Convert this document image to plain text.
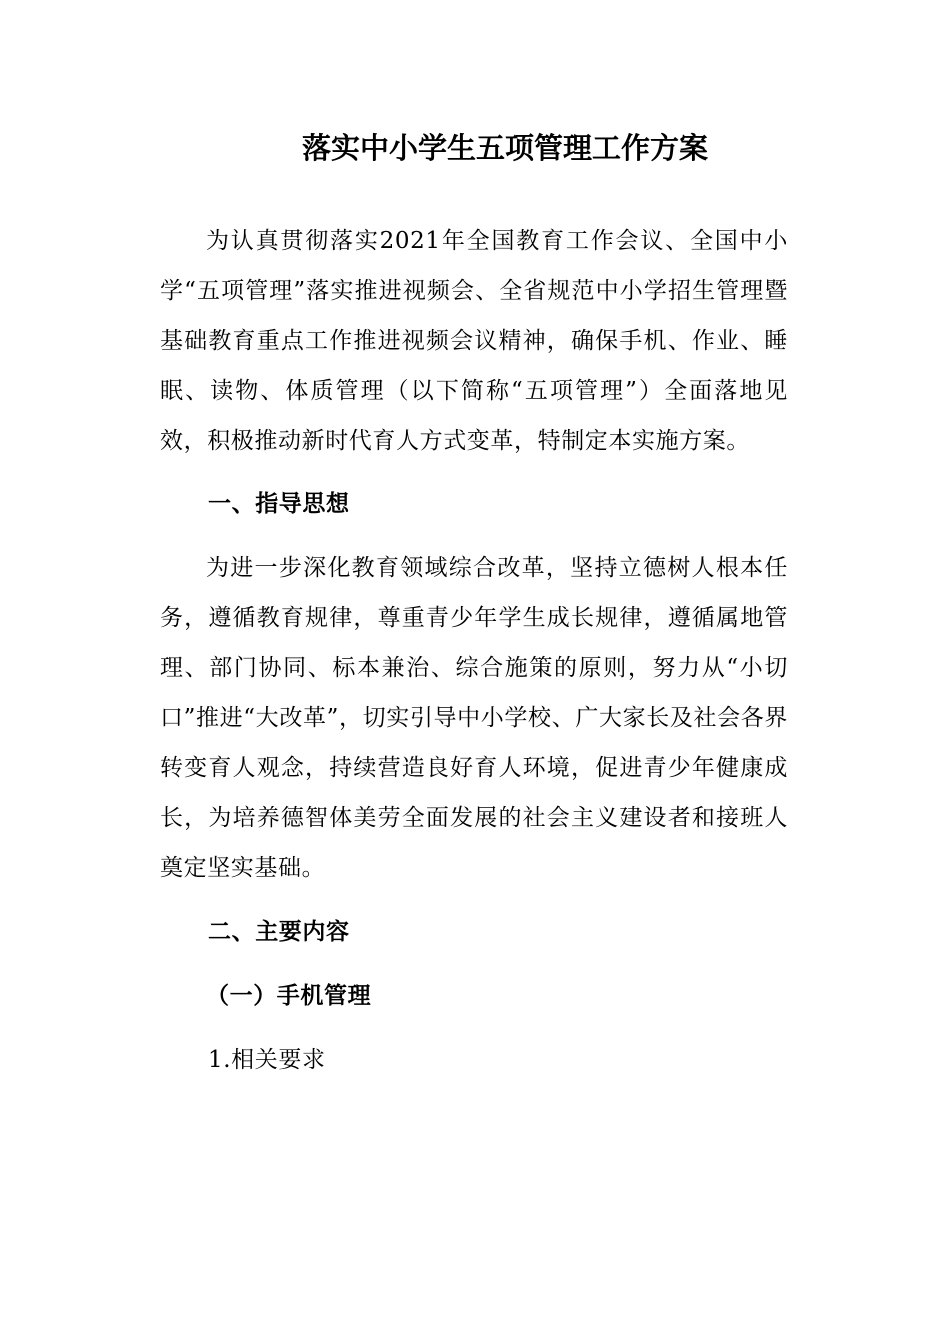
落实中小学生五项管理工作方案

为认真贯彻落实2021年全国教育工作会议、全国中小学“五项管理”落实推进视频会、全省规范中小学招生管理暨基础教育重点工作推进视频会议精神，确保手机、作业、睡眠、读物、体质管理（以下简称“五项管理”）全面落地见效，积极推动新时代育人方式变革，特制定本实施方案。

一、指导思想

为进一步深化教育领域综合改革，坚持立德树人根本任务，遵循教育规律，尊重青少年学生成长规律，遵循属地管理、部门协同、标本兼治、综合施策的原则，努力从“小切口”推进“大改革”，切实引导中小学校、广大家长及社会各界转变育人观念，持续营造良好育人环境，促进青少年健康成长，为培养德智体美劳全面发展的社会主义建设者和接班人奠定坚实基础。

二、主要内容
（一）手机管理

1.相关要求
